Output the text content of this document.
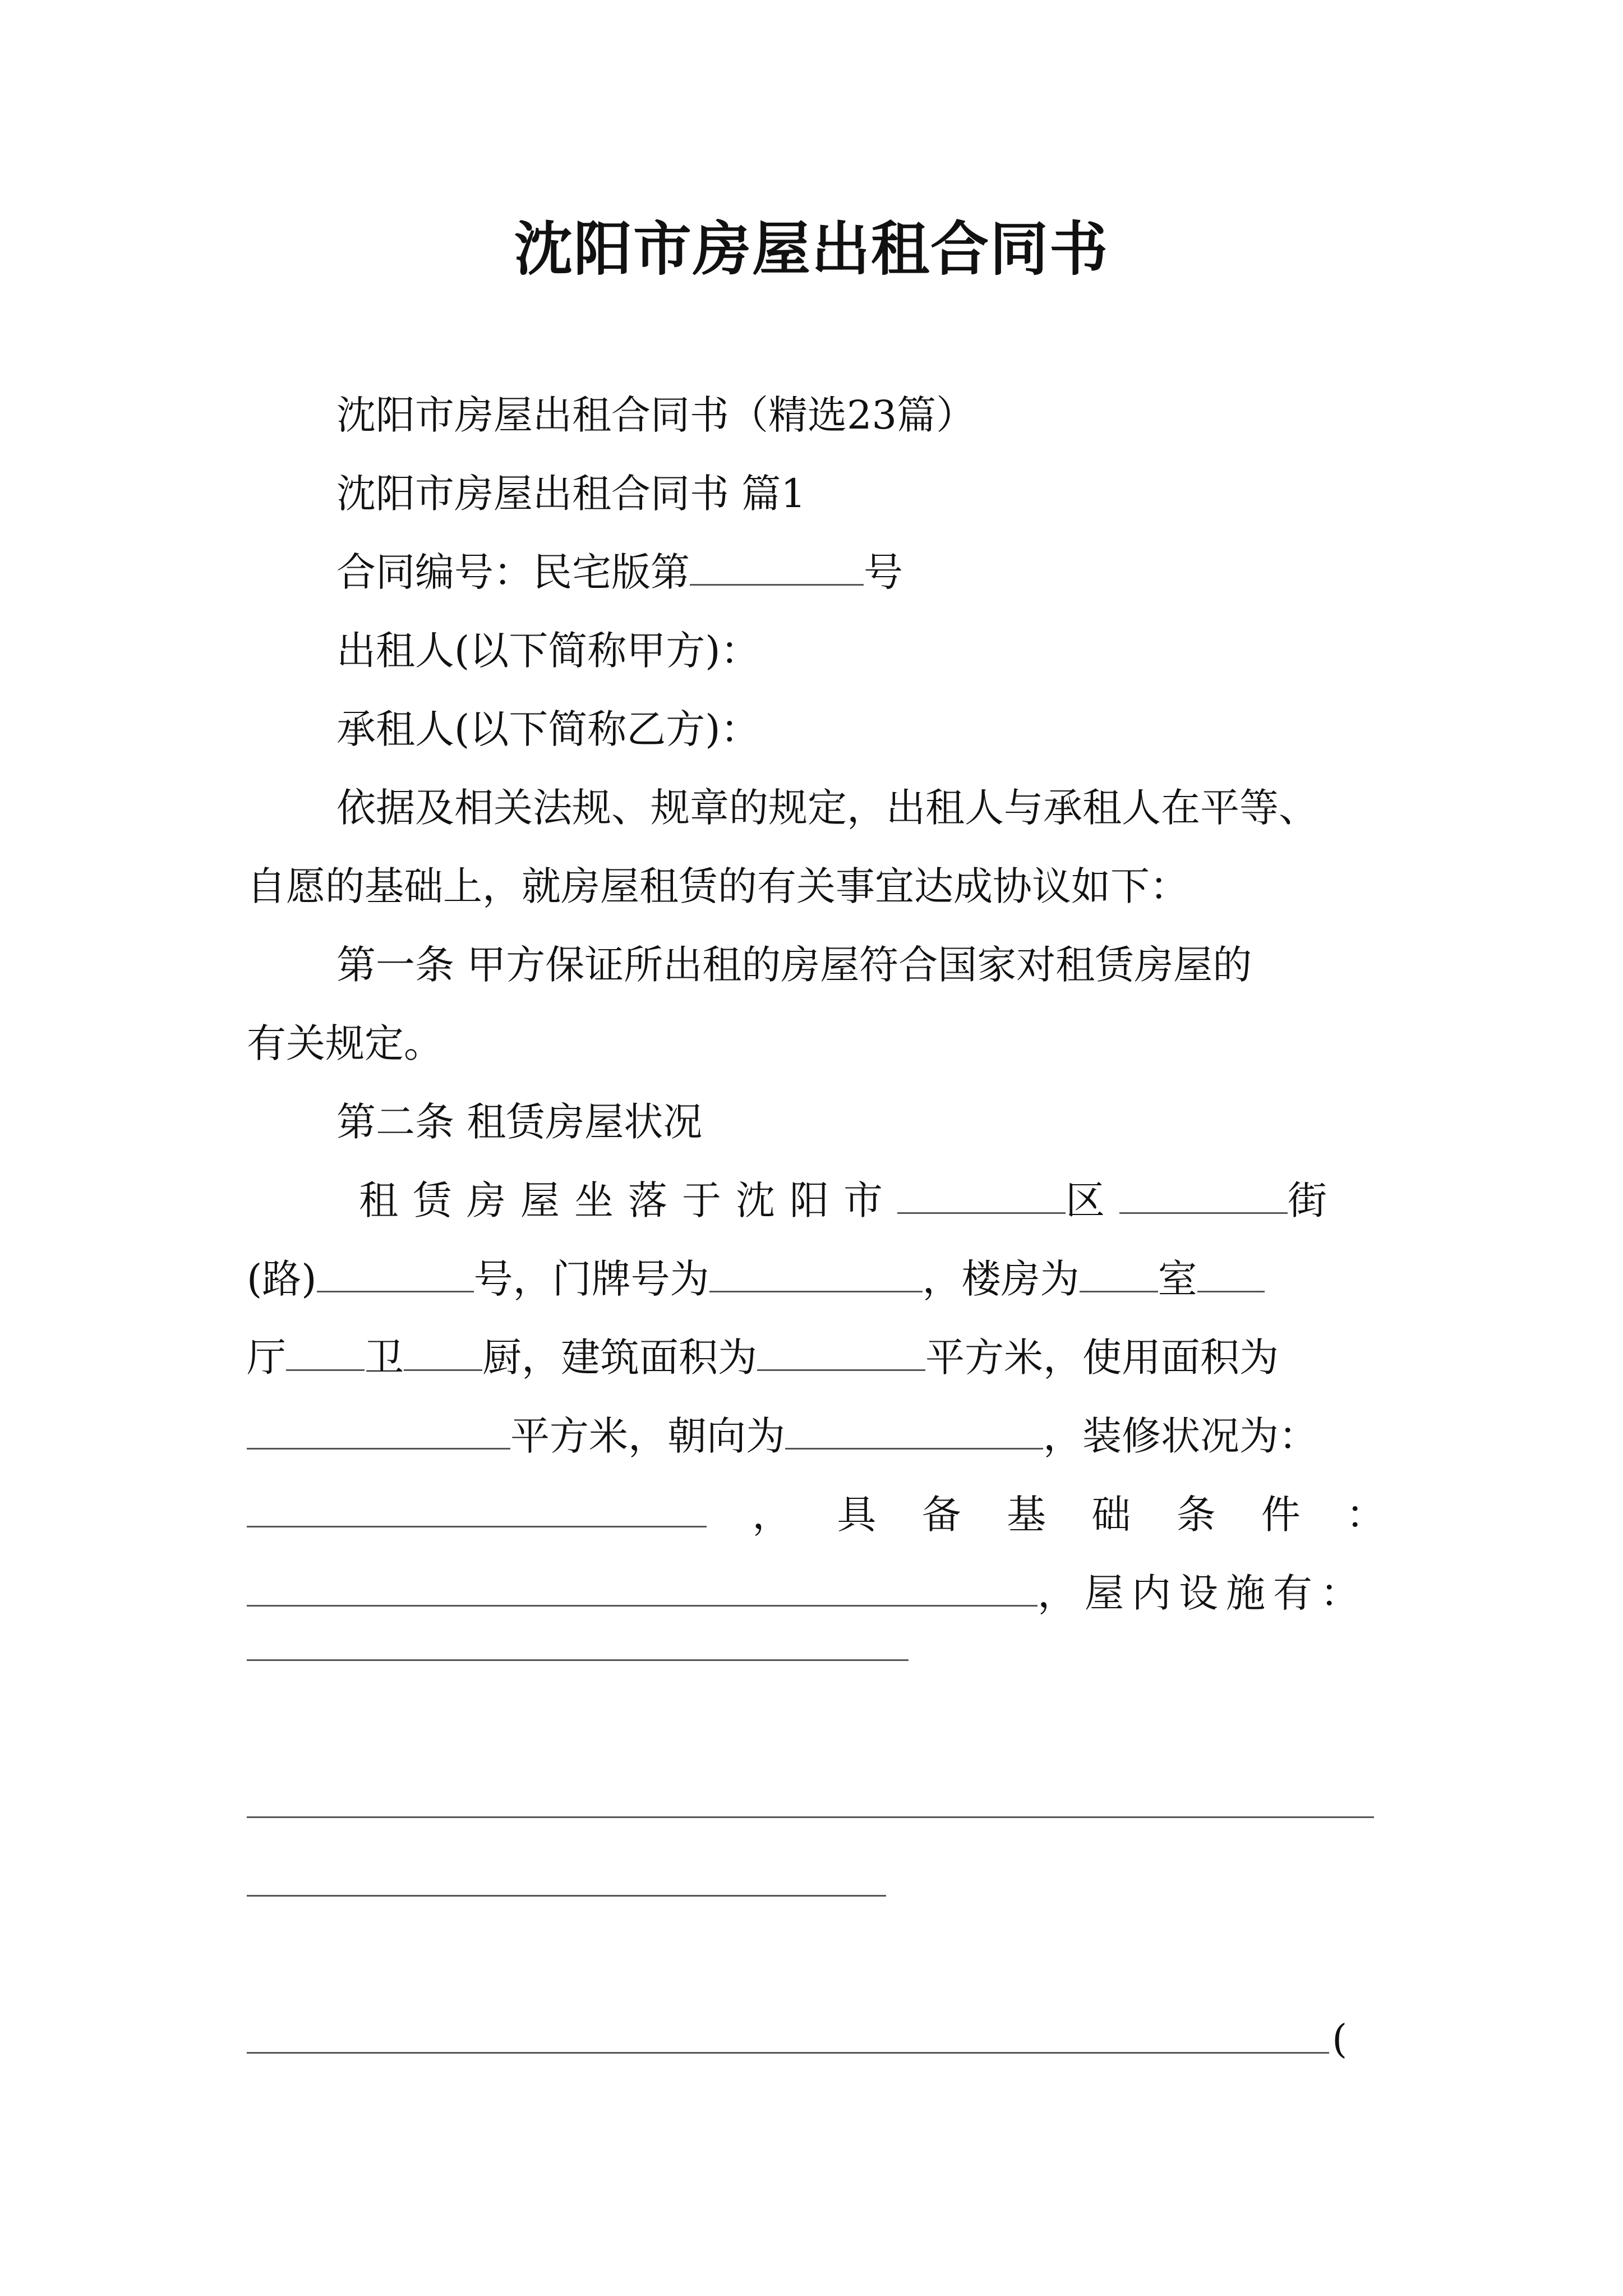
沈阳市房屋出租合同书
沈阳市房屋出租合同书（精选23篇）
沈阳市房屋出租合同书 篇1
合同编号：民宅版第	号
出租人(以下简称甲方)：
承租人(以下简称乙方)：
依据及相关法规、规章的规定，出租人与承租人在平等、
自愿的基础上，就房屋租赁的有关事宜达成协议如下：
第一条 甲方保证所出租的房屋符合国家对租赁房屋的
有关规定。
第二条 租赁房屋状况
租赁房屋坐落于沈阳市	区	街
(路)	号，门牌号为	，楼房为 室
厅 卫 厨，建筑面积为	平方米，使用面积为
平方米，朝向为	，装修状况为：
， 具 备 基 础 条 件 ：
，屋内设施有：
(
